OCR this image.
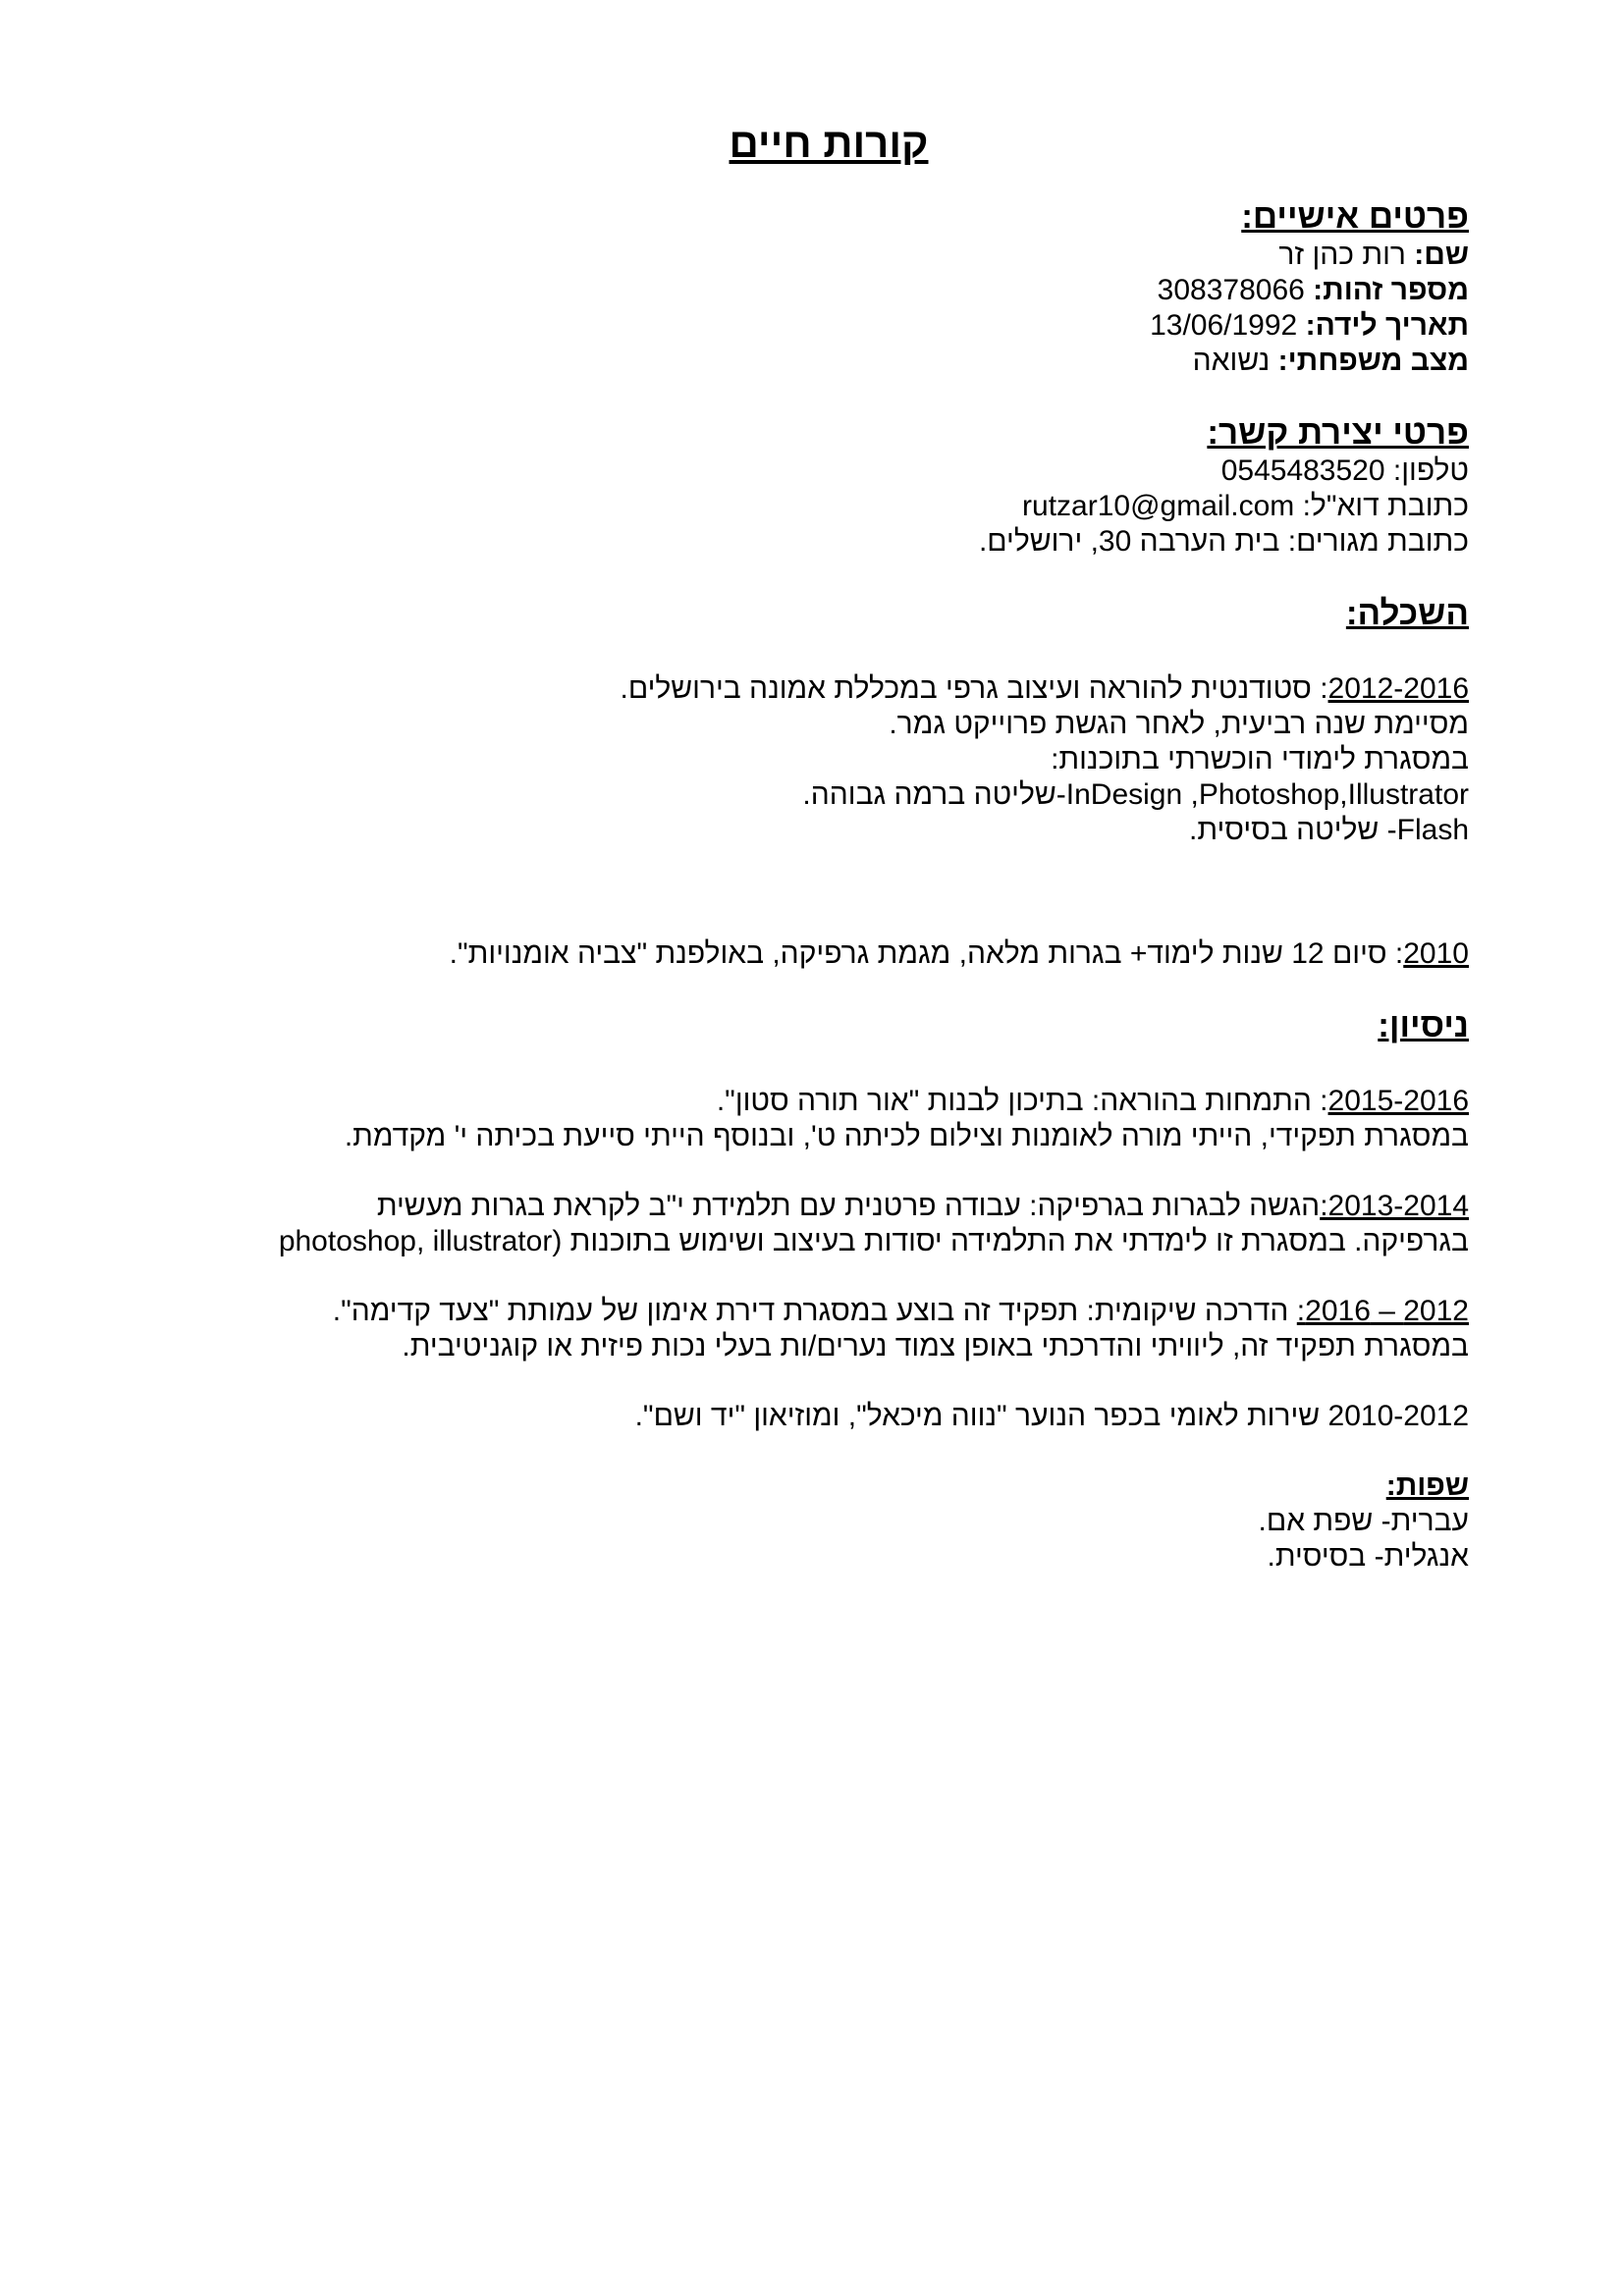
קורות חיים
פרטים אישיים:
שם: רות כהן זר
מספר זהות: 308378066
תאריך לידה: 13/06/1992
מצב משפחתי: נשואה
פרטי יצירת קשר:
טלפון: 0545483520
כתובת דוא"ל: rutzar10@gmail.com
כתובת מגורים: בית הערבה 30, ירושלים.
השכלה:
2012-2016: סטודנטית להוראה ועיצוב גרפי במכללת אמונה בירושלים.
מסיימת שנה רביעית, לאחר הגשת פרוייקט גמר.
במסגרת לימודי הוכשרתי בתוכנות:
InDesign ,Photoshop,Illustrator-שליטה ברמה גבוהה.
Flash- שליטה בסיסית.
2010: סיום 12 שנות לימוד+ בגרות מלאה, מגמת גרפיקה, באולפנת "צביה אומנויות".
ניסיון:
2015-2016: התמחות בהוראה: בתיכון לבנות "אור תורה סטון".
במסגרת תפקידי, הייתי מורה לאומנות וצילום לכיתה ט', ובנוסף הייתי סייעת בכיתה י' מקדמת.
2013-2014:הגשה לבגרות בגרפיקה: עבודה פרטנית עם תלמידת י"ב לקראת בגרות מעשית
בגרפיקה. במסגרת זו לימדתי את התלמידה יסודות בעיצוב ושימוש בתוכנות (photoshop, illustrator
2012 – 2016: הדרכה שיקומית: תפקיד זה בוצע במסגרת דירת אימון של עמותת "צעד קדימה".
במסגרת תפקיד זה, ליוויתי והדרכתי באופן צמוד נערים/ות בעלי נכות פיזית או קוגניטיבית.
2010-2012 שירות לאומי בכפר הנוער "נווה מיכאל", ומוזיאון "יד ושם".
שפות:
עברית- שפת אם.
אנגלית- בסיסית.
